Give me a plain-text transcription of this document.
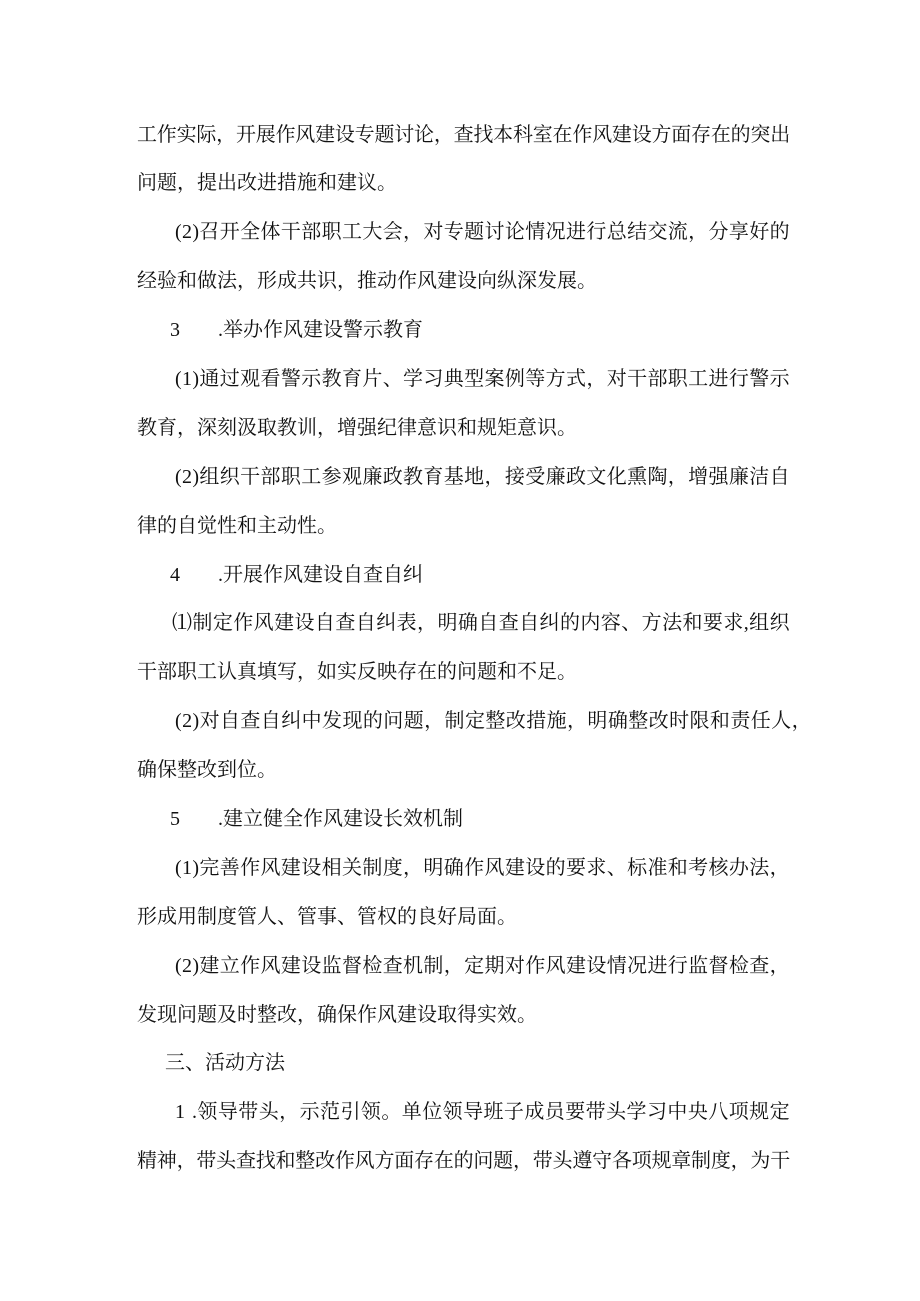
工作实际，开展作风建设专题讨论，查找本科室在作风建设方面存在的突出
问题，提出改进措施和建议。
(2)召开全体干部职工大会，对专题讨论情况进行总结交流，分享好的
经验和做法，形成共识，推动作风建设向纵深发展。
3 .举办作风建设警示教育
(1)通过观看警示教育片、学习典型案例等方式，对干部职工进行警示
教育，深刻汲取教训，增强纪律意识和规矩意识。
(2)组织干部职工参观廉政教育基地，接受廉政文化熏陶，增强廉洁自
律的自觉性和主动性。
4 .开展作风建设自查自纠
⑴制定作风建设自查自纠表，明确自查自纠的内容、方法和要求,组织
干部职工认真填写，如实反映存在的问题和不足。
(2)对自查自纠中发现的问题，制定整改措施，明确整改时限和责任人，
确保整改到位。
5 .建立健全作风建设长效机制
(1)完善作风建设相关制度，明确作风建设的要求、标准和考核办法，
形成用制度管人、管事、管权的良好局面。
(2)建立作风建设监督检查机制，定期对作风建设情况进行监督检查，
发现问题及时整改，确保作风建设取得实效。
三、活动方法
1 .领导带头，示范引领。单位领导班子成员要带头学习中央八项规定
精神，带头查找和整改作风方面存在的问题，带头遵守各项规章制度，为干
